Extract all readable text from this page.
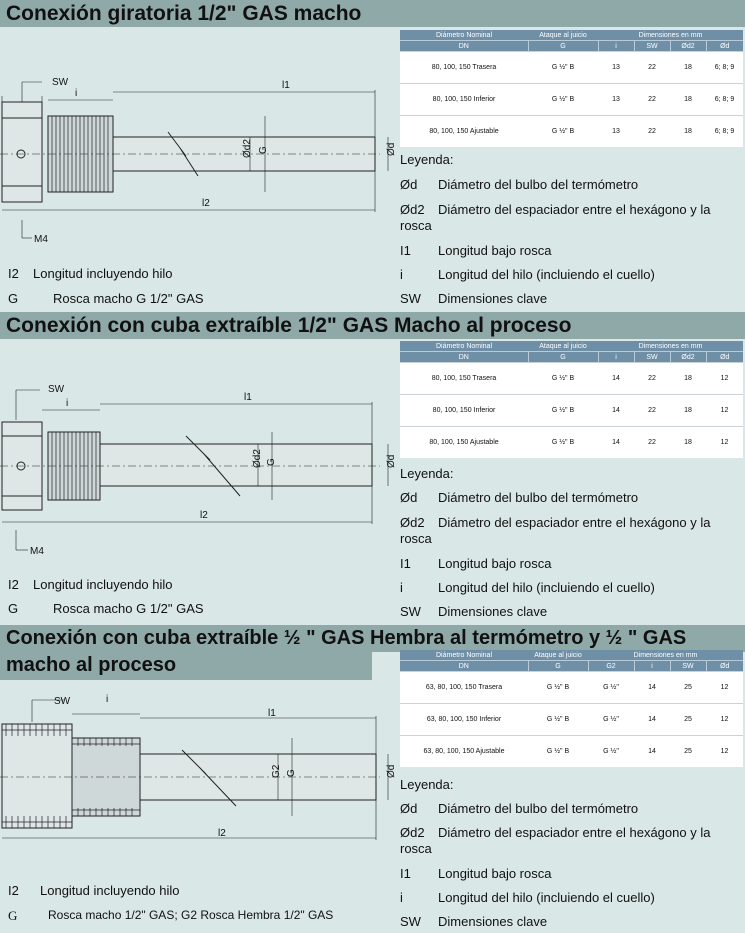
Conexión giratoria 1/2" GAS macho
SW
i
l1
l2
Ød2 G	Ød
M4
I2 Longitud incluyendo hilo
G	Rosca macho G 1/2" GAS
Diámetro Nominal	Ataque al juicio	Dimensiones en mm			
DN	G	i	SW	Ød2	Ød
80, 100, 150 Trasera	G ½" B	13	22	18	6; 8; 9
80, 100, 150 Inferior	G ½" B	13	22	18	6; 8; 9
80, 100, 150 Ajustable	G ½" B	13	22	18	6; 8; 9
Leyenda:
Ød Diámetro del bulbo del termómetro
Ød2 Diámetro del espaciador entre el hexágono y la rosca
I1 Longitud bajo rosca
i	Longitud del hilo (incluiendo el cuello)
SW Dimensiones clave
Conexión con cuba extraíble 1/2" GAS Macho al proceso
SW
i
l1
l2
Ød2 G	Ød
M4
I2 Longitud incluyendo hilo
G	Rosca macho G 1/2" GAS
Diámetro Nominal	Ataque al juicio	Dimensiones en mm			
DN	G	i	SW	Ød2	Ød
80, 100, 150 Trasera	G ½" B	14	22	18	12
80, 100, 150 Inferior	G ½" B	14	22	18	12
80, 100, 150 Ajustable	G ½" B	14	22	18	12
Leyenda:
Ød Diámetro del bulbo del termómetro
Ød2 Diámetro del espaciador entre el hexágono y la rosca
I1 Longitud bajo rosca
i	Longitud del hilo (incluiendo el cuello)
SW Dimensiones clave
Conexión con cuba extraíble ½ " GAS Hembra al termómetro y ½ " GAS
macho al proceso
SW	i
l1
l2
G2 G	Ød
I2 Longitud incluyendo hilo
G	Rosca macho 1/2" GAS; G2 Rosca Hembra 1/2" GAS
Diámetro Nominal	Ataque al juicio	Dimensiones en mm			
DN	G	G2	i	SW	Ød
63, 80, 100, 150 Trasera	G ½" B	G ½"	14	25	12
63, 80, 100, 150 Inferior	G ½" B	G ½"	14	25	12
63, 80, 100, 150 Ajustable	G ½" B	G ½"	14	25	12
Leyenda:
Ød Diámetro del bulbo del termómetro
Ød2 Diámetro del espaciador entre el hexágono y la rosca
I1 Longitud bajo rosca
i	Longitud del hilo (incluiendo el cuello)
SW Dimensiones clave
